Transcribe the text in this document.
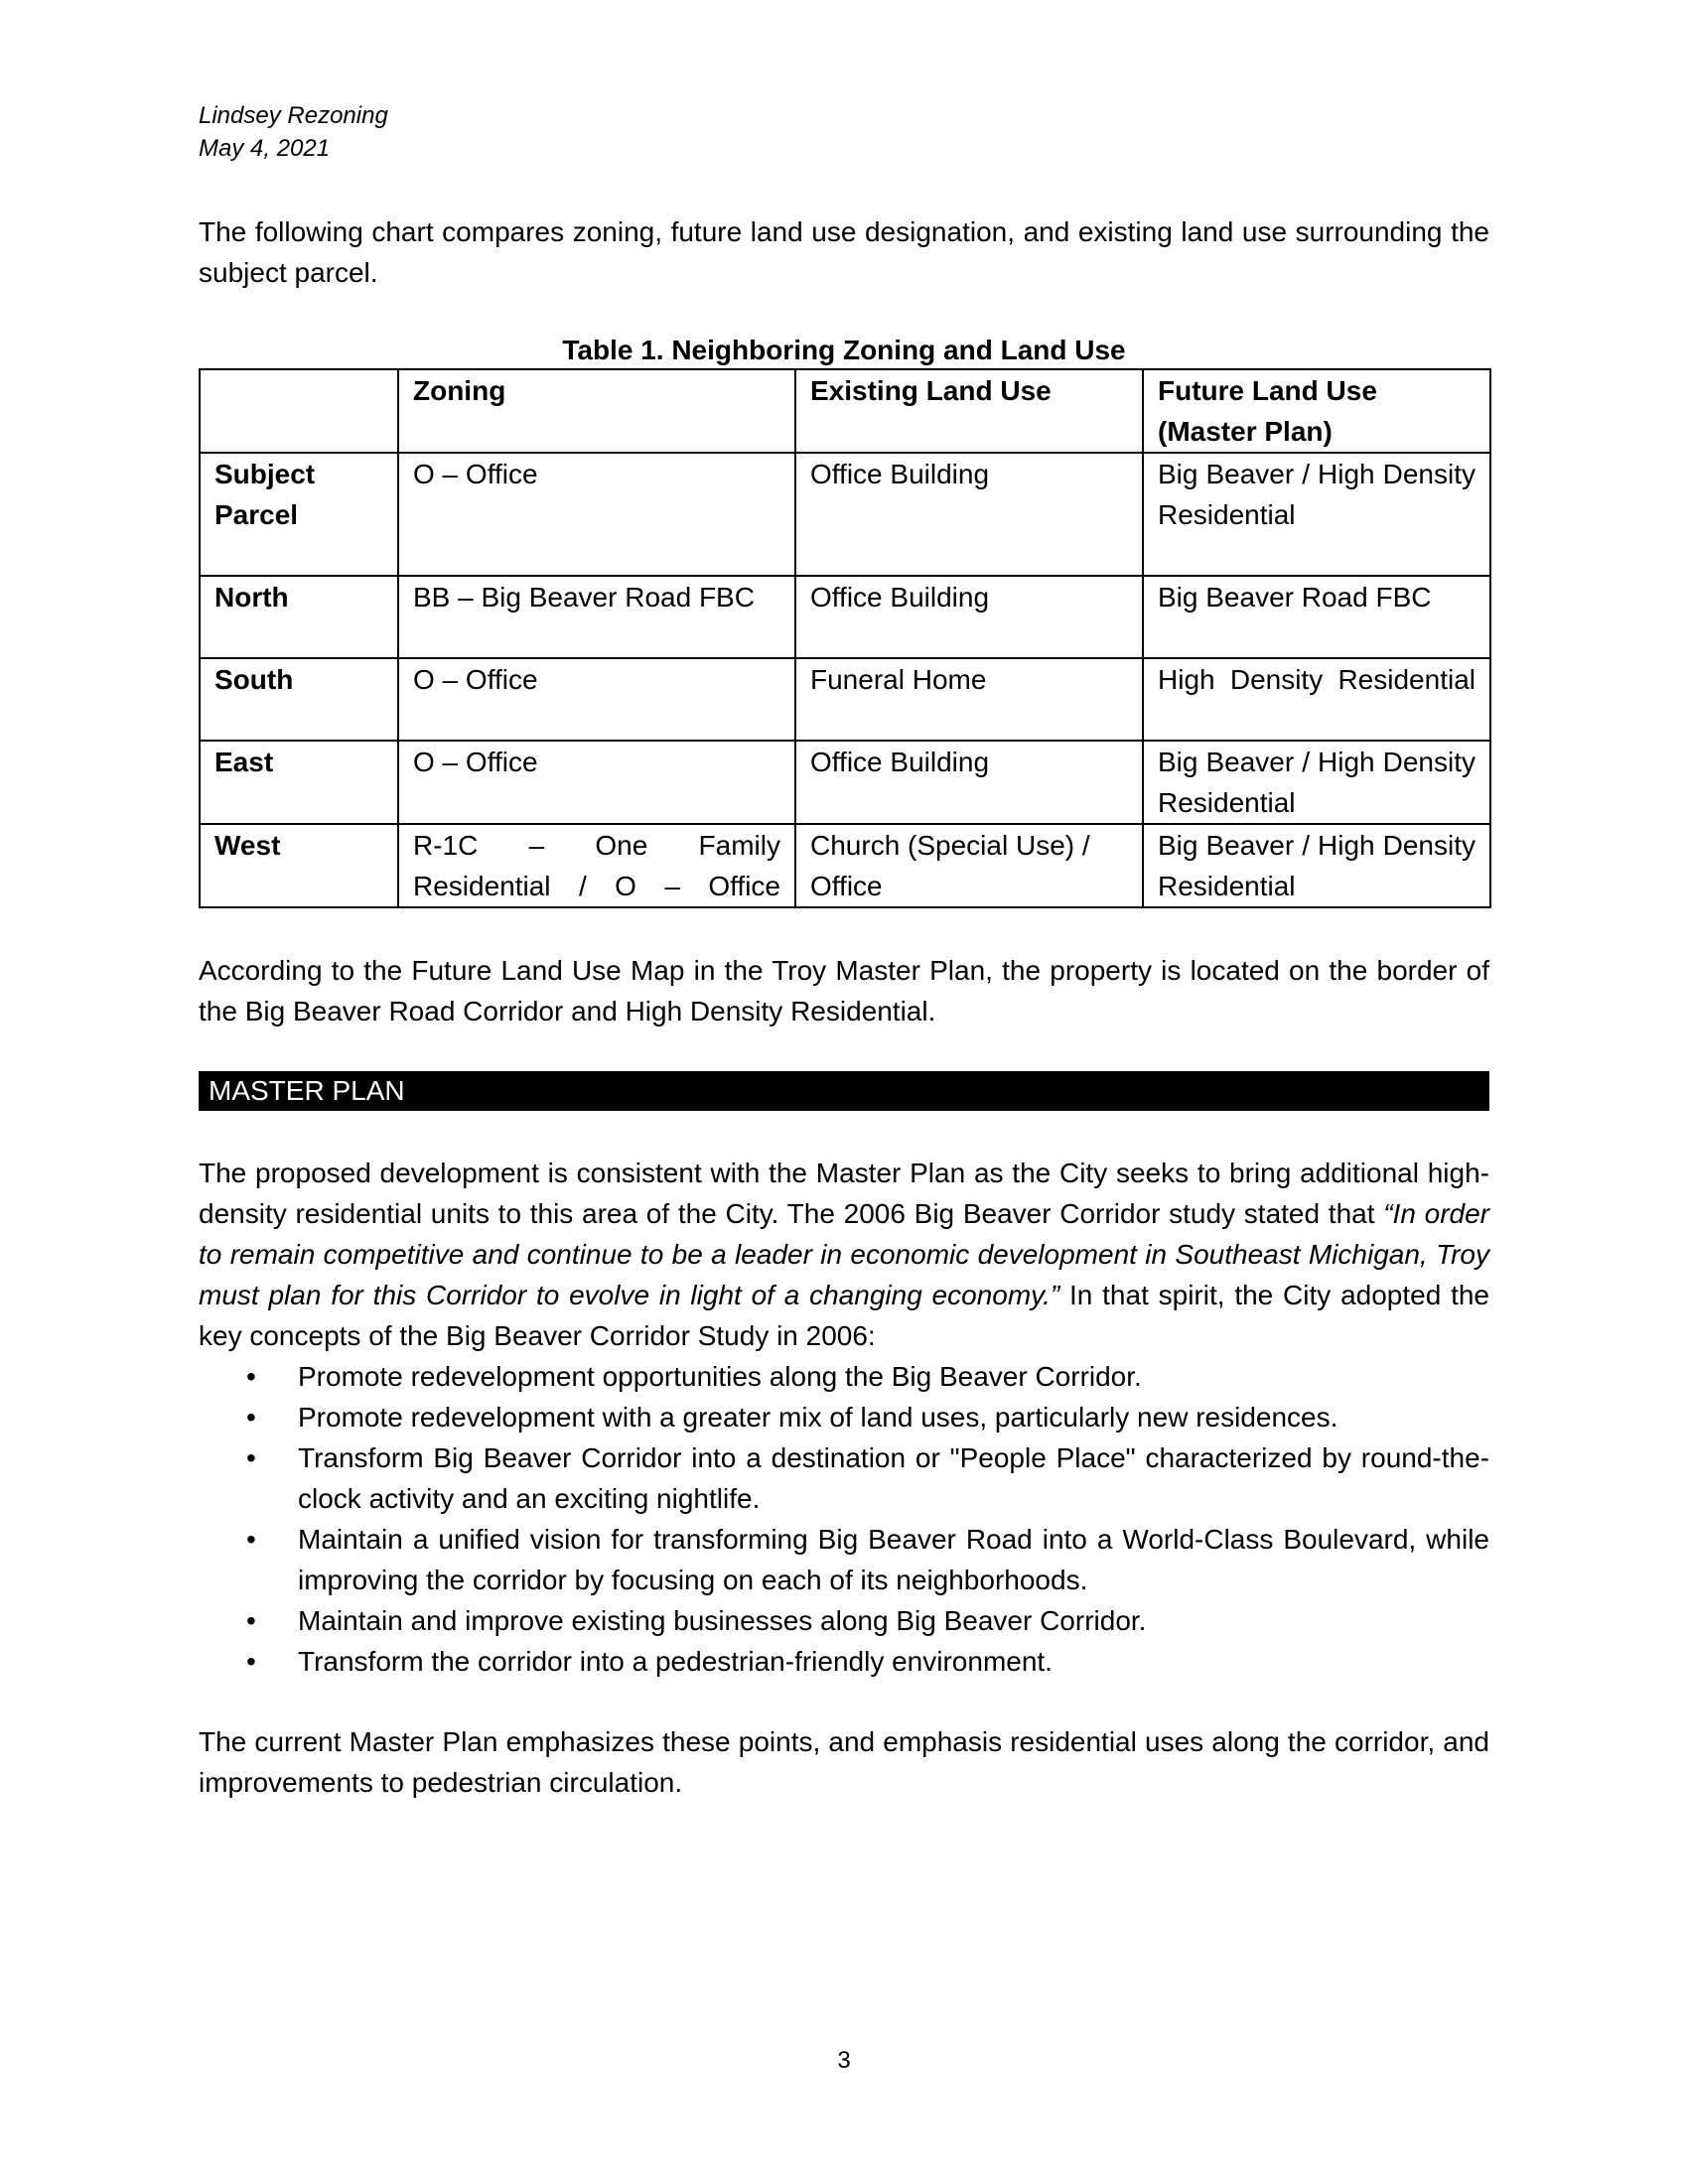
Lindsey Rezoning
May 4, 2021
The following chart compares zoning, future land use designation, and existing land use surrounding the subject parcel.
Table 1. Neighboring Zoning and Land Use
	Zoning	Existing Land Use	Future Land Use (Master Plan)
Subject Parcel	O – Office	Office Building	Big Beaver / High Density Residential
North	BB – Big Beaver Road FBC	Office Building	Big Beaver Road FBC
South	O – Office	Funeral Home	High Density Residential
East	O – Office	Office Building	Big Beaver / High Density Residential
West	R-1C – One Family Residential / O – Office	Church (Special Use) / Office	Big Beaver / High Density Residential
According to the Future Land Use Map in the Troy Master Plan, the property is located on the border of the Big Beaver Road Corridor and High Density Residential.
MASTER PLAN
The proposed development is consistent with the Master Plan as the City seeks to bring additional high-density residential units to this area of the City. The 2006 Big Beaver Corridor study stated that “In order to remain competitive and continue to be a leader in economic development in Southeast Michigan, Troy must plan for this Corridor to evolve in light of a changing economy.” In that spirit, the City adopted the key concepts of the Big Beaver Corridor Study in 2006:
• Promote redevelopment opportunities along the Big Beaver Corridor.
• Promote redevelopment with a greater mix of land uses, particularly new residences.
• Transform Big Beaver Corridor into a destination or "People Place" characterized by round-the-clock activity and an exciting nightlife.
• Maintain a unified vision for transforming Big Beaver Road into a World-Class Boulevard, while improving the corridor by focusing on each of its neighborhoods.
• Maintain and improve existing businesses along Big Beaver Corridor.
• Transform the corridor into a pedestrian-friendly environment.
The current Master Plan emphasizes these points, and emphasis residential uses along the corridor, and improvements to pedestrian circulation.
3
